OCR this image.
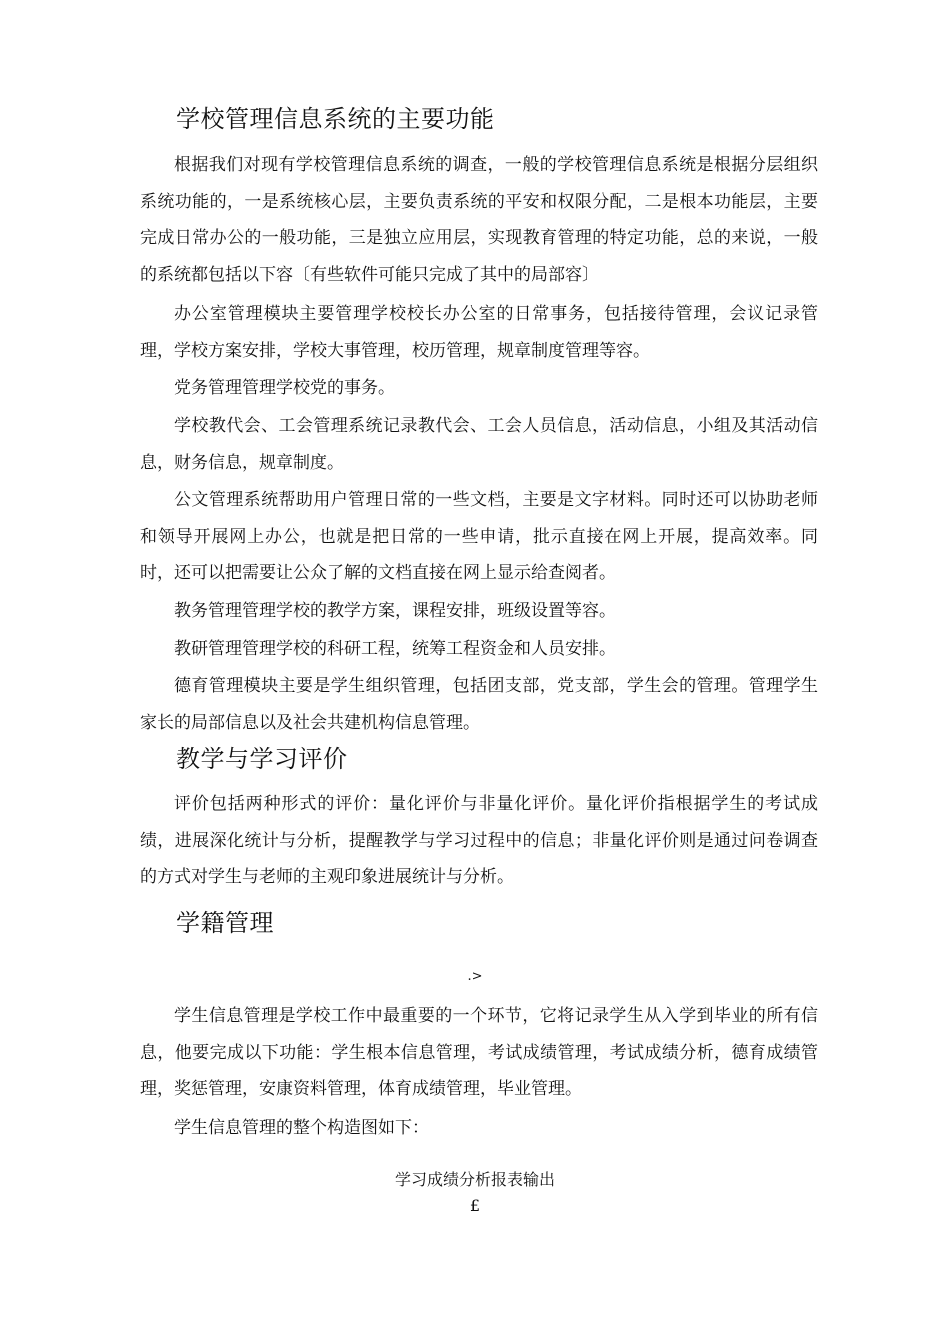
学校管理信息系统的主要功能

根据我们对现有学校管理信息系统的调查，一般的学校管理信息系统是根据分层组织系统功能的，一是系统核心层，主要负责系统的平安和权限分配，二是根本功能层，主要完成日常办公的一般功能，三是独立应用层，实现教育管理的特定功能，总的来说，一般的系统都包括以下容〔有些软件可能只完成了其中的局部容〕

办公室管理模块主要管理学校校长办公室的日常事务，包括接待管理，会议记录管理，学校方案安排，学校大事管理，校历管理，规章制度管理等容。

党务管理管理学校党的事务。

学校教代会、工会管理系统记录教代会、工会人员信息，活动信息，小组及其活动信息，财务信息，规章制度。

公文管理系统帮助用户管理日常的一些文档，主要是文字材料。同时还可以协助老师和领导开展网上办公，也就是把日常的一些申请，批示直接在网上开展，提高效率。同时，还可以把需要让公众了解的文档直接在网上显示给查阅者。

教务管理管理学校的教学方案，课程安排，班级设置等容。

教研管理管理学校的科研工程，统筹工程资金和人员安排。

德育管理模块主要是学生组织管理，包括团支部，党支部，学生会的管理。管理学生家长的局部信息以及社会共建机构信息管理。

教学与学习评价

评价包括两种形式的评价：量化评价与非量化评价。量化评价指根据学生的考试成绩，进展深化统计与分析，提醒教学与学习过程中的信息；非量化评价则是通过问卷调查的方式对学生与老师的主观印象进展统计与分析。

学籍管理

.>

学生信息管理是学校工作中最重要的一个环节，它将记录学生从入学到毕业的所有信息，他要完成以下功能：学生根本信息管理，考试成绩管理，考试成绩分析，德育成绩管理，奖惩管理，安康资料管理，体育成绩管理，毕业管理。

学生信息管理的整个构造图如下：

学习成绩分析报表输出

£
